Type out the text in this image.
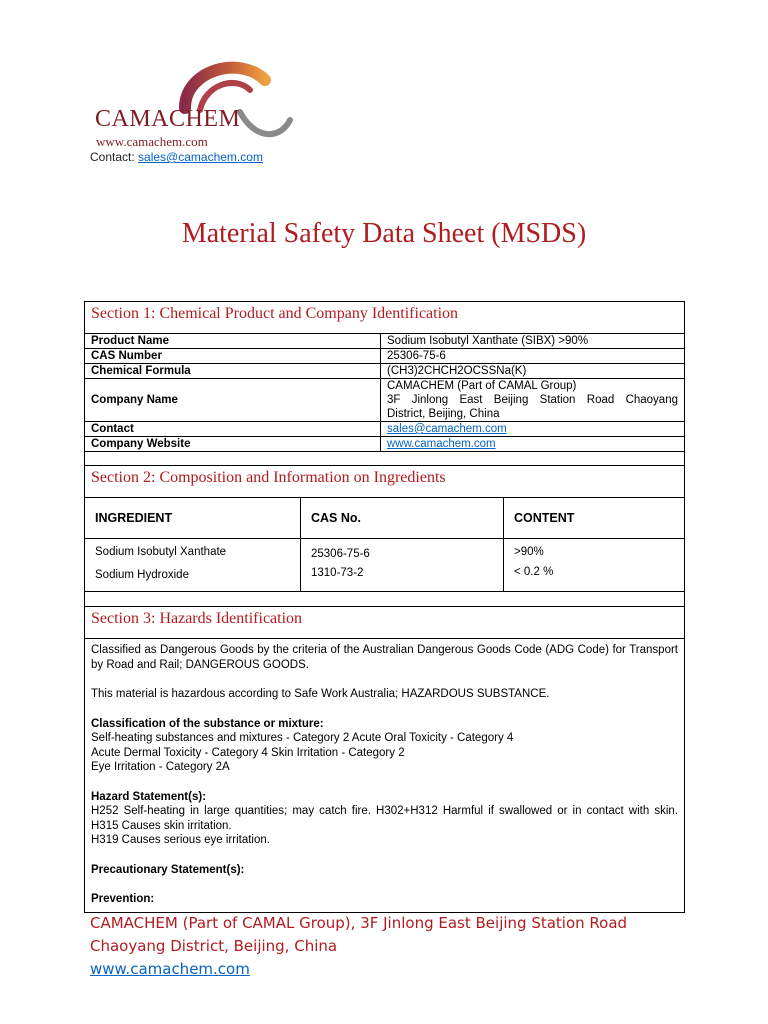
CAMACHEM
www.camachem.com
Contact: sales@camachem.com
Material Safety Data Sheet (MSDS)
Section 1: Chemical Product and Company Identification
Product Name	Sodium Isobutyl Xanthate (SIBX) >90%
CAS Number	25306-75-6
Chemical Formula	(CH3)2CHCH2OCSSNa(K)
Company Name	CAMACHEM (Part of CAMAL Group)
3F Jinlong East Beijing Station Road Chaoyang
District, Beijing, China

Contact	sales@camachem.com
Company Website	www.camachem.com
Section 2: Composition and Information on Ingredients
INGREDIENT	CAS No.	CONTENT
Sodium Isobutyl Xanthate	25306-75-6	>90%
Sodium Hydroxide	1310-73-2	< 0.2 %
Section 3: Hazards Identification

Classified as Dangerous Goods by the criteria of the Australian Dangerous Goods Code (ADG Code) for Transport by Road and Rail; DANGEROUS GOODS.

This material is hazardous according to Safe Work Australia; HAZARDOUS SUBSTANCE.

Classification of the substance or mixture:
Self-heating substances and mixtures - Category 2 Acute Oral Toxicity - Category 4
Acute Dermal Toxicity - Category 4 Skin Irritation - Category 2
Eye Irritation - Category 2A
Hazard Statement(s):
H252 Self-heating in large quantities; may catch fire. H302+H312 Harmful if swallowed or in contact with skin. H315 Causes skin irritation.
H319 Causes serious eye irritation.

Precautionary Statement(s):

Prevention:

CAMACHEM (Part of CAMAL Group), 3F Jinlong East Beijing Station Road
Chaoyang District, Beijing, China
www.camachem.com
